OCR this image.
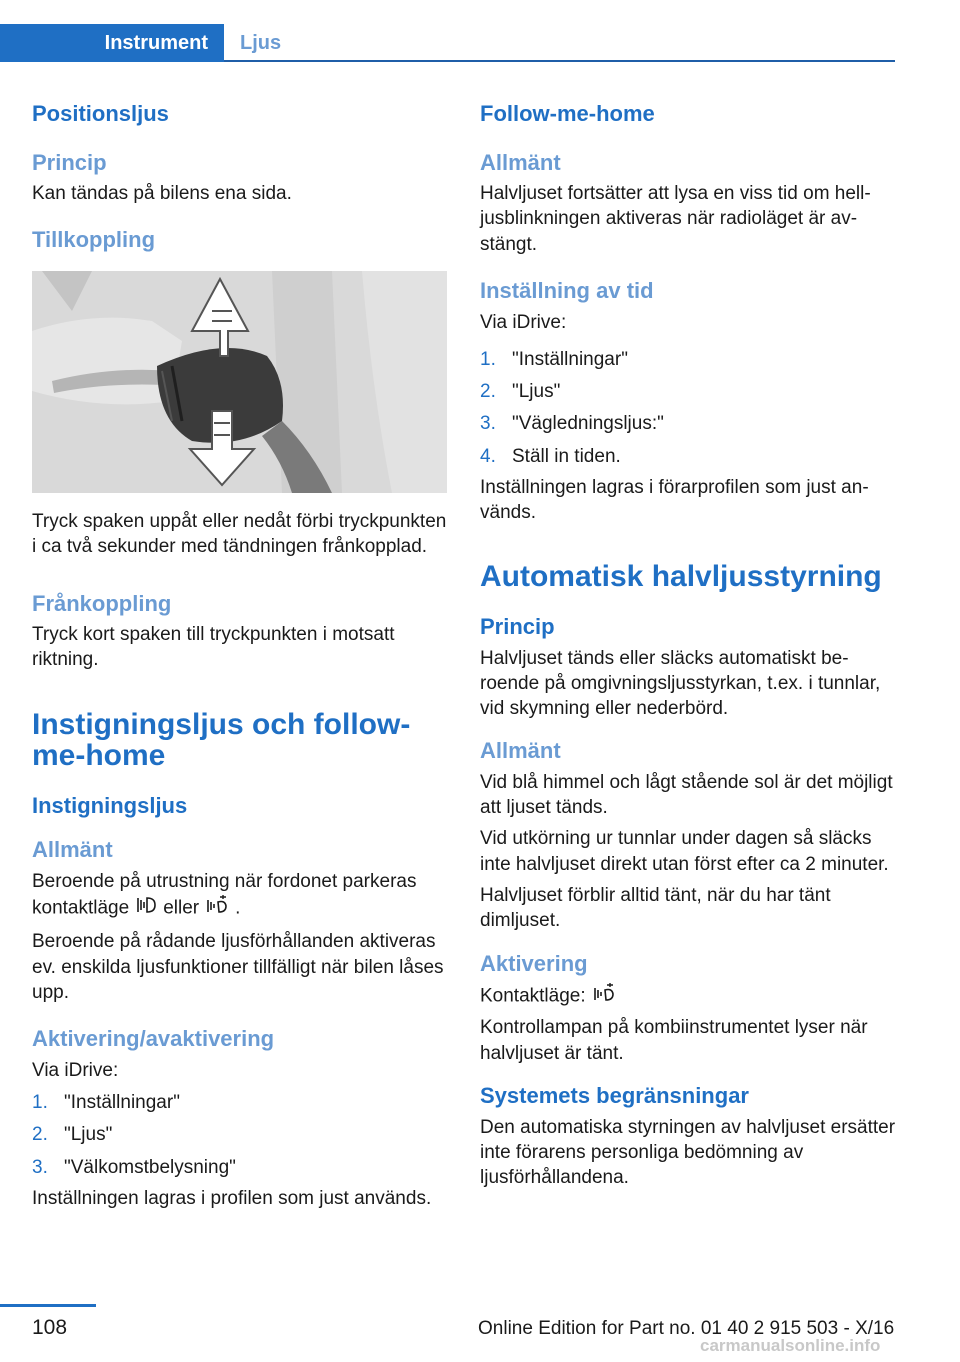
Instrument Ljus
Positionsljus
Princip
Kan tändas på bilens ena sida.
Tillkoppling
Tryck spaken uppåt eller nedåt förbi tryckpunkten i ca två sekunder med tändningen frånkopplad.
Frånkoppling
Tryck kort spaken till tryckpunkten i motsatt riktning.
Instigningsljus och follow-me-home
Instigningsljus
Allmänt
Beroende på utrustning när fordonet parkeras kontaktläge eller .
Beroende på rådande ljusförhållanden aktiveras ev. enskilda ljusfunktioner tillfälligt när bilen låses upp.
Aktivering/avaktivering
Via iDrive:
1. "Inställningar"
2. "Ljus"
3. "Välkomstbelysning"
Inställningen lagras i profilen som just används.
Follow-me-home
Allmänt
Halvljuset fortsätter att lysa en viss tid om helljusblinkningen aktiveras när radioläget är avstängt.
Inställning av tid
Via iDrive:
1. "Inställningar"
2. "Ljus"
3. "Vägledningsljus:"
4. Ställ in tiden.
Inställningen lagras i förarprofilen som just används.
Automatisk halvljusstyrning
Princip
Halvljuset tänds eller släcks automatiskt beroende på omgivningsljusstyrkan, t.ex. i tunnlar, vid skymning eller nederbörd.
Allmänt
Vid blå himmel och lågt stående sol är det möjligt att ljuset tänds.
Vid utkörning ur tunnlar under dagen så släcks inte halvljuset direkt utan först efter ca 2 minuter.
Halvljuset förblir alltid tänt, när du har tänt dimljuset.
Aktivering
Kontaktläge:
Kontrollampan på kombiinstrumentet lyser när halvljuset är tänt.
Systemets begränsningar
Den automatiska styrningen av halvljuset ersätter inte förarens personliga bedömning av ljusförhållandena.
108	Online Edition for Part no. 01 40 2 915 503 - X/16
carmanualsonline.info
